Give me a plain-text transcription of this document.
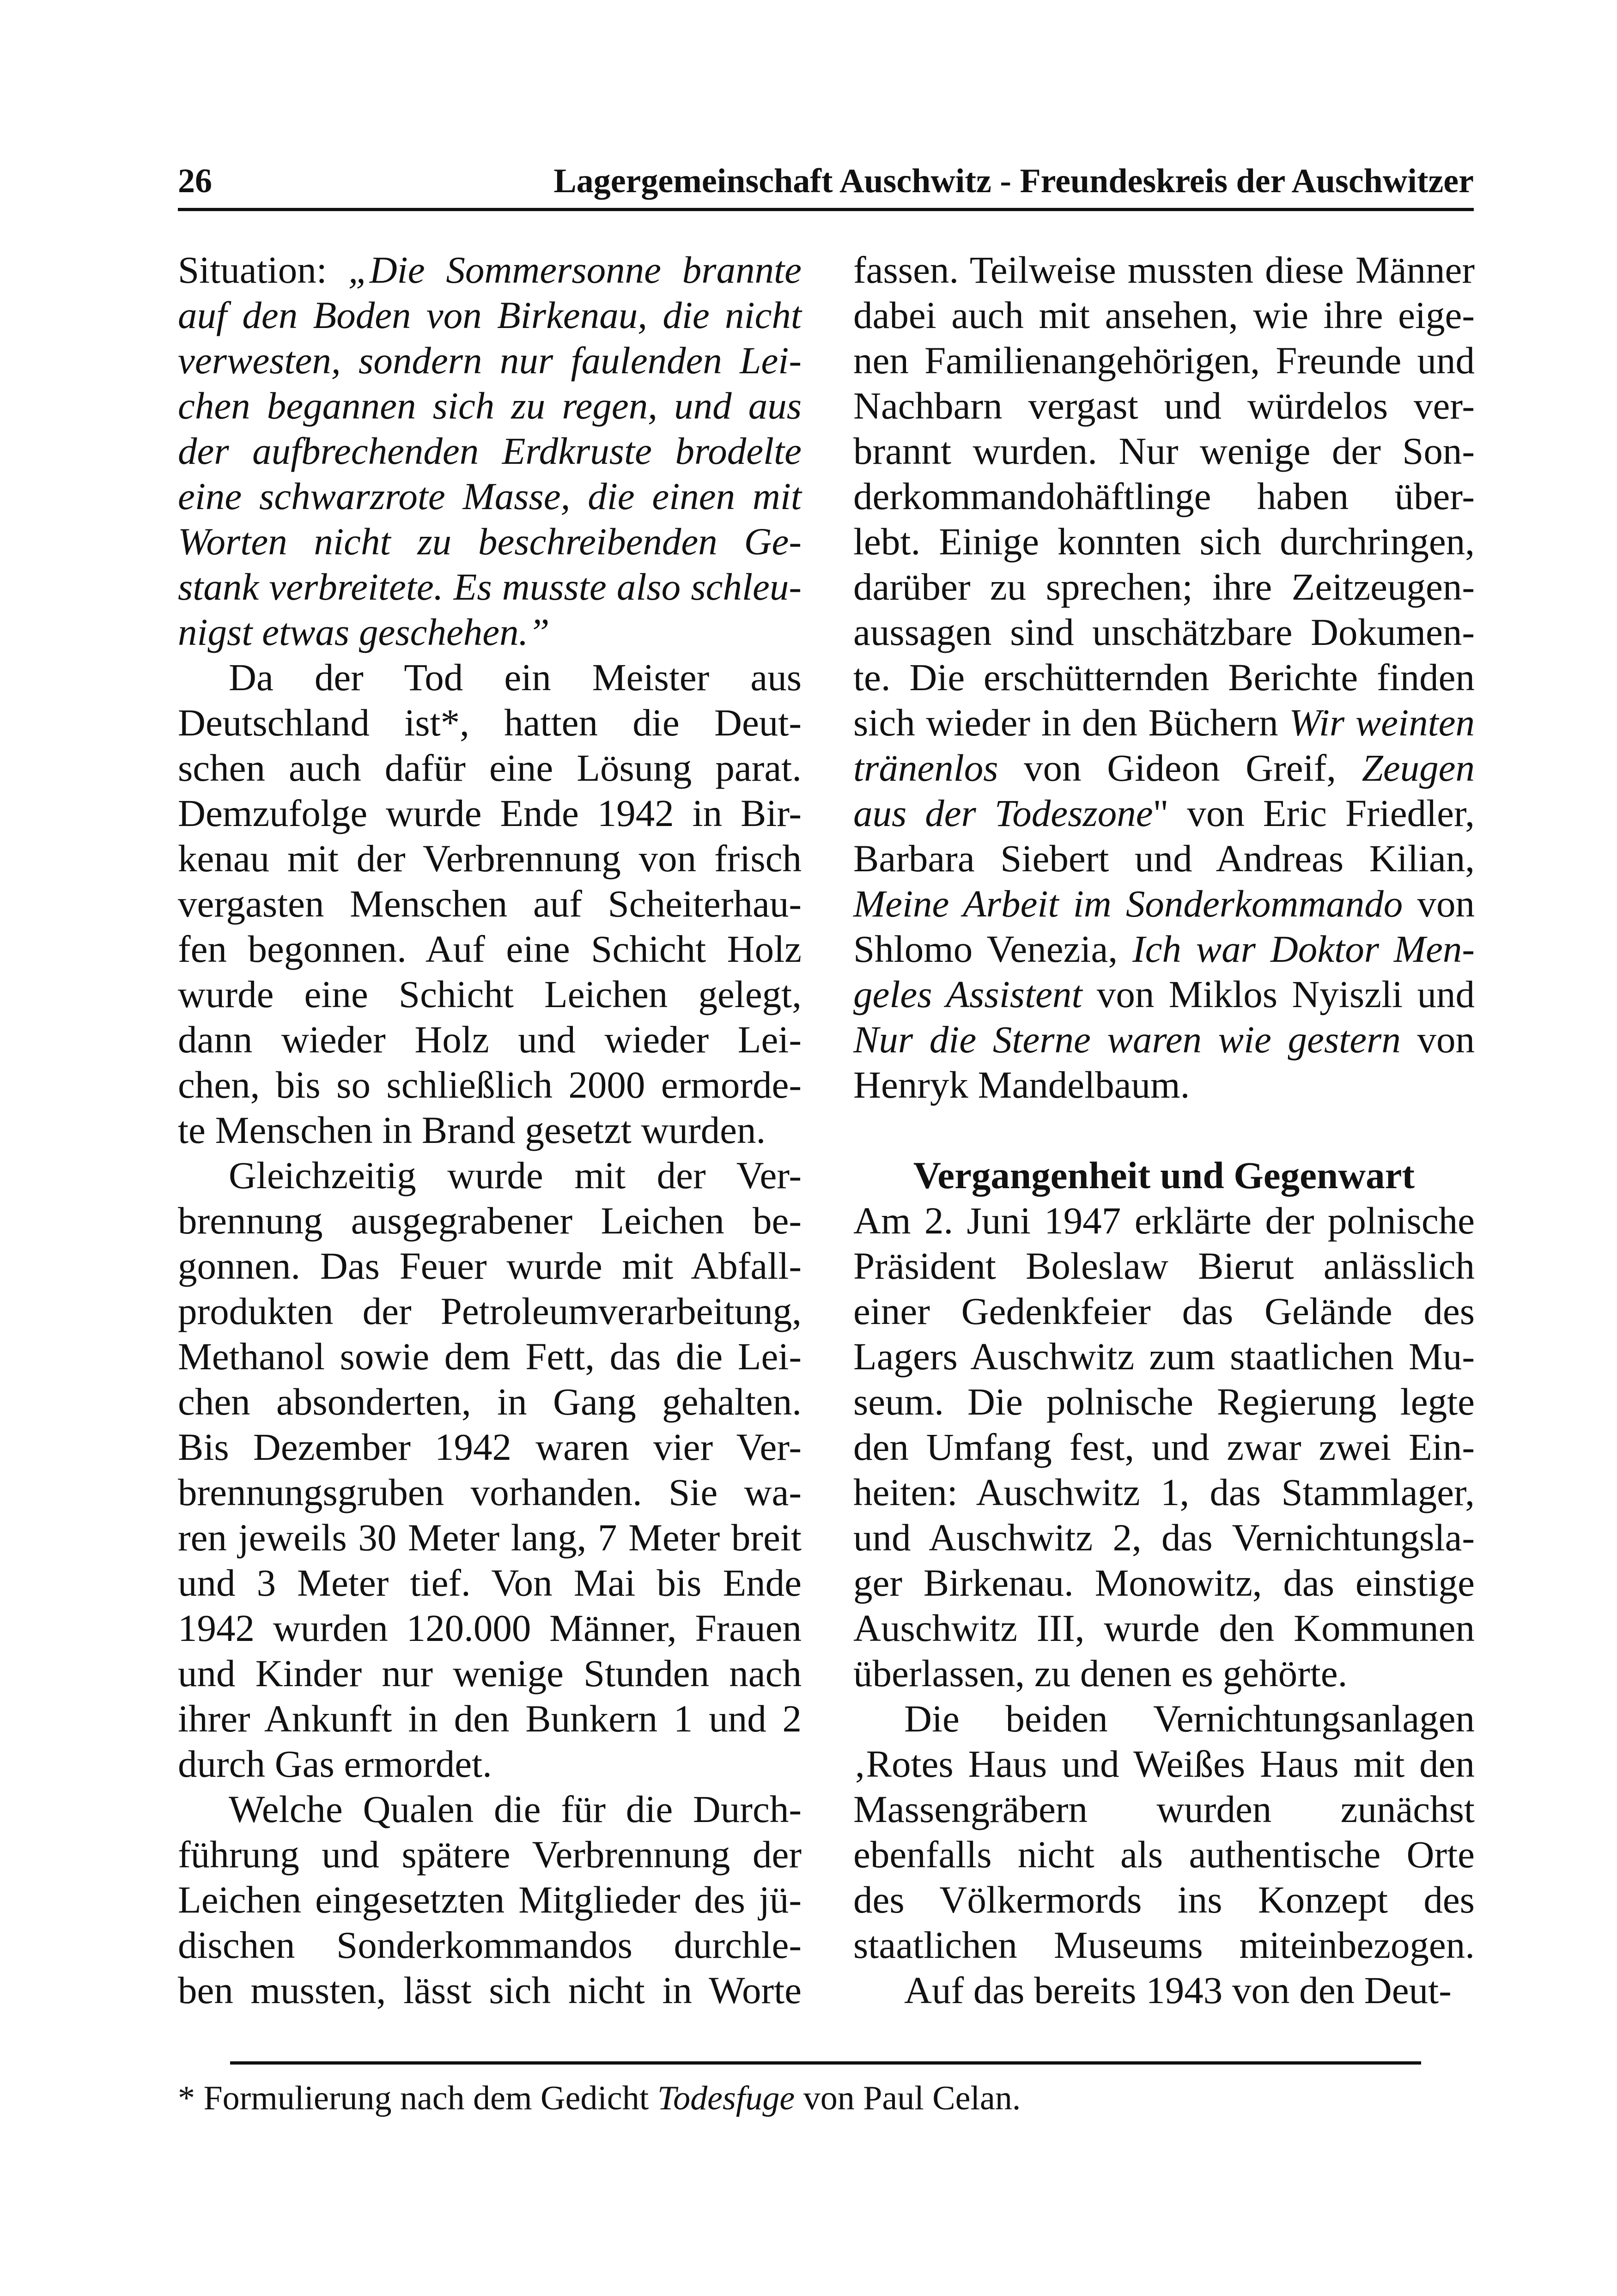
26	Lagergemeinschaft Auschwitz - Freundeskreis der Auschwitzer
Situation: „Die Sommersonne brannte
auf den Boden von Birkenau, die nicht
verwesten, sondern nur faulenden Lei-
chen begannen sich zu regen, und aus
der aufbrechenden Erdkruste brodelte
eine schwarzrote Masse, die einen mit
Worten nicht zu beschreibenden Ge-
stank verbreitete. Es musste also schleu-
nigst etwas geschehen.”
Da der Tod ein Meister aus
Deutschland ist*, hatten die Deut-
schen auch dafür eine Lösung parat.
Demzufolge wurde Ende 1942 in Bir-
kenau mit der Verbrennung von frisch
vergasten Menschen auf Scheiterhau-
fen begonnen. Auf eine Schicht Holz
wurde eine Schicht Leichen gelegt,
dann wieder Holz und wieder Lei-
chen, bis so schließlich 2000 ermorde-
te Menschen in Brand gesetzt wurden.
Gleichzeitig wurde mit der Ver-
brennung ausgegrabener Leichen be-
gonnen. Das Feuer wurde mit Abfall-
produkten der Petroleumverarbeitung,
Methanol sowie dem Fett, das die Lei-
chen absonderten, in Gang gehalten.
Bis Dezember 1942 waren vier Ver-
brennungsgruben vorhanden. Sie wa-
ren jeweils 30 Meter lang, 7 Meter breit
und 3 Meter tief. Von Mai bis Ende
1942 wurden 120.000 Männer, Frauen
und Kinder nur wenige Stunden nach
ihrer Ankunft in den Bunkern 1 und 2
durch Gas ermordet.
Welche Qualen die für die Durch-
führung und spätere Verbrennung der
Leichen eingesetzten Mitglieder des jü-
dischen Sonderkommandos durchle-
ben mussten, lässt sich nicht in Worte
fassen. Teilweise mussten diese Männer
dabei auch mit ansehen, wie ihre eige-
nen Familienangehörigen, Freunde und
Nachbarn vergast und würdelos ver-
brannt wurden. Nur wenige der Son-
derkommandohäftlinge haben über-
lebt. Einige konnten sich durchringen,
darüber zu sprechen; ihre Zeitzeugen-
aussagen sind unschätzbare Dokumen-
te. Die erschütternden Berichte finden
sich wieder in den Büchern Wir weinten
tränenlos von Gideon Greif, Zeugen
aus der Todeszone" von Eric Friedler,
Barbara Siebert und Andreas Kilian,
Meine Arbeit im Sonderkommando von
Shlomo Venezia, Ich war Doktor Men-
geles Assistent von Miklos Nyiszli und
Nur die Sterne waren wie gestern von
Henryk Mandelbaum.
Vergangenheit und Gegenwart
Am 2. Juni 1947 erklärte der polnische
Präsident Boleslaw Bierut anlässlich
einer Gedenkfeier das Gelände des
Lagers Auschwitz zum staatlichen Mu-
seum. Die polnische Regierung legte
den Umfang fest, und zwar zwei Ein-
heiten: Auschwitz 1, das Stammlager,
und Auschwitz 2, das Vernichtungsla-
ger Birkenau. Monowitz, das einstige
Auschwitz III, wurde den Kommunen
überlassen, zu denen es gehörte.
Die beiden Vernichtungsanlagen
‚Rotes Haus und Weißes Haus mit den
Massengräbern wurden zunächst
ebenfalls nicht als authentische Orte
des Völkermords ins Konzept des
staatlichen Museums miteinbezogen.
Auf das bereits 1943 von den Deut-
* Formulierung nach dem Gedicht Todesfuge von Paul Celan.
